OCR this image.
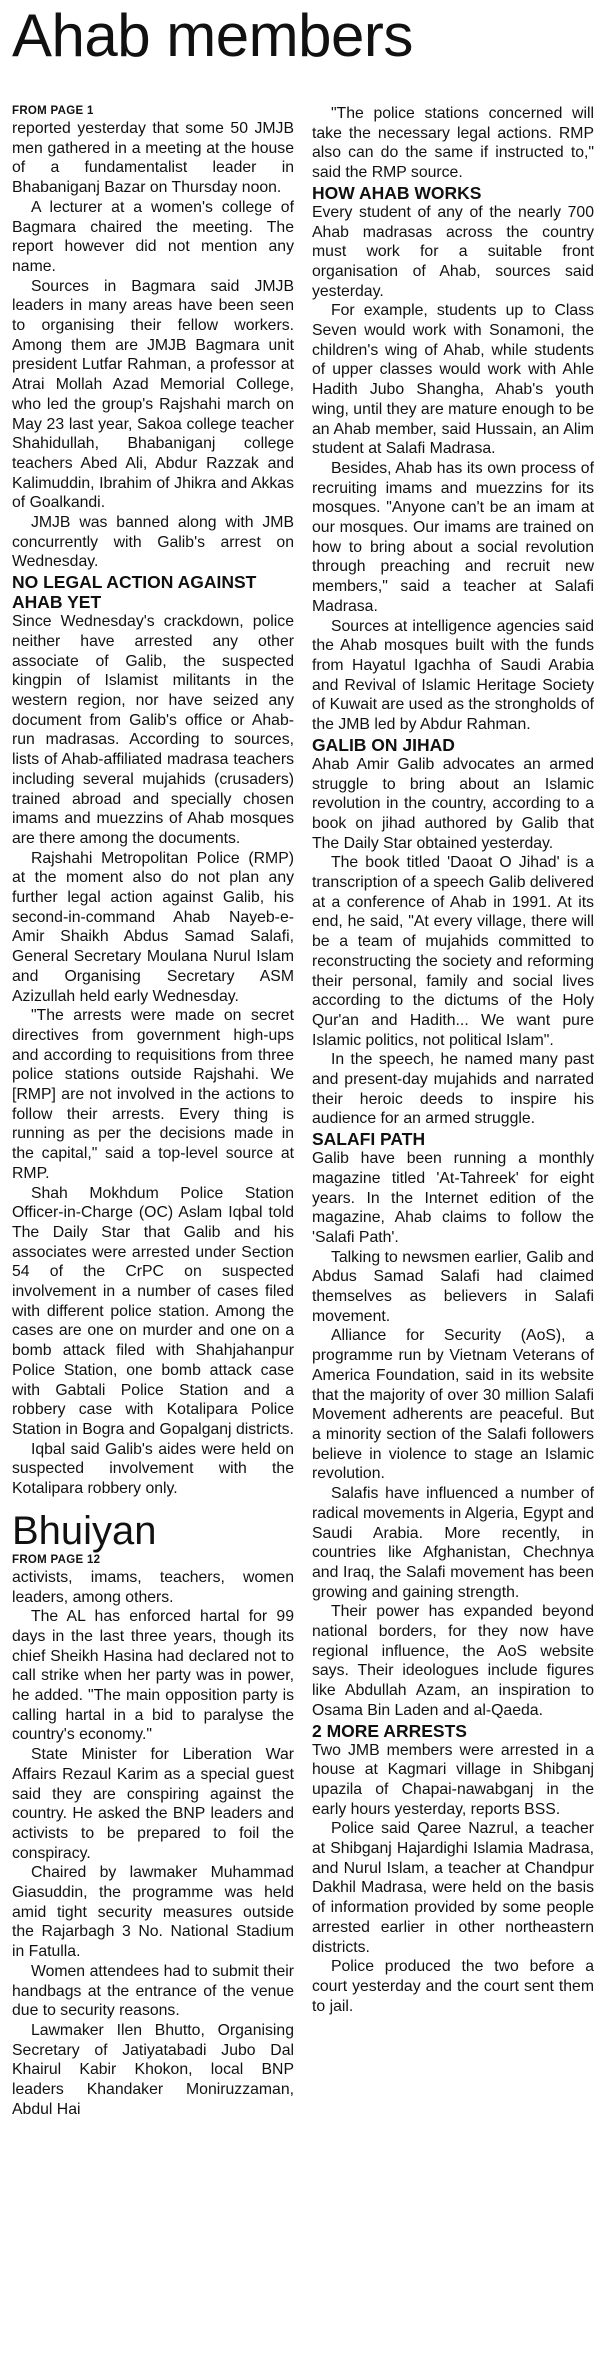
Ahab members
FROM PAGE 1

reported yesterday that some 50 JMJB men gathered in a meeting at the house of a fundamentalist leader in Bhabaniganj Bazar on Thursday noon.

A lecturer at a women's college of Bagmara chaired the meeting. The report however did not mention any name.

Sources in Bagmara said JMJB leaders in many areas have been seen to organising their fellow workers. Among them are JMJB Bagmara unit president Lutfar Rahman, a professor at Atrai Mollah Azad Memorial College, who led the group's Rajshahi march on May 23 last year, Sakoa college teacher Shahidullah, Bhabaniganj college teachers Abed Ali, Abdur Razzak and Kalimuddin, Ibrahim of Jhikra and Akkas of Goalkandi.

JMJB was banned along with JMB concurrently with Galib's arrest on Wednesday.

NO LEGAL ACTION AGAINST AHAB YET

Since Wednesday's crackdown, police neither have arrested any other associate of Galib, the suspected kingpin of Islamist militants in the western region, nor have seized any document from Galib's office or Ahab-run madrasas. According to sources, lists of Ahab-affiliated madrasa teachers including several mujahids (crusaders) trained abroad and specially chosen imams and muezzins of Ahab mosques are there among the documents.

Rajshahi Metropolitan Police (RMP) at the moment also do not plan any further legal action against Galib, his second-in-command Ahab Nayeb-e-Amir Shaikh Abdus Samad Salafi, General Secretary Moulana Nurul Islam and Organising Secretary ASM Azizullah held early Wednesday.

"The arrests were made on secret directives from government high-ups and according to requisitions from three police stations outside Rajshahi. We [RMP] are not involved in the actions to follow their arrests. Every thing is running as per the decisions made in the capital," said a top-level source at RMP.

Shah Mokhdum Police Station Officer-in-Charge (OC) Aslam Iqbal told The Daily Star that Galib and his associates were arrested under Section 54 of the CrPC on suspected involvement in a number of cases filed with different police station. Among the cases are one on murder and one on a bomb attack filed with Shahjahanpur Police Station, one bomb attack case with Gabtali Police Station and a robbery case with Kotalipara Police Station in Bogra and Gopalganj districts.

Iqbal said Galib's aides were held on suspected involvement with the Kotalipara robbery only.

Bhuiyan
FROM PAGE 12

activists, imams, teachers, women leaders, among others.

The AL has enforced hartal for 99 days in the last three years, though its chief Sheikh Hasina had declared not to call strike when her party was in power, he added. "The main opposition party is calling hartal in a bid to paralyse the country's economy."

State Minister for Liberation War Affairs Rezaul Karim as a special guest said they are conspiring against the country. He asked the BNP leaders and activists to be prepared to foil the conspiracy.

Chaired by lawmaker Muhammad Giasuddin, the programme was held amid tight security measures outside the Rajarbagh 3 No. National Stadium in Fatulla.

Women attendees had to submit their handbags at the entrance of the venue due to security reasons.

Lawmaker Ilen Bhutto, Organising Secretary of Jatiyatabadi Jubo Dal Khairul Kabir Khokon, local BNP leaders Khandaker Moniruzzaman, Abdul Hai

"The police stations concerned will take the necessary legal actions. RMP also can do the same if instructed to," said the RMP source.

HOW AHAB WORKS

Every student of any of the nearly 700 Ahab madrasas across the country must work for a suitable front organisation of Ahab, sources said yesterday.

For example, students up to Class Seven would work with Sonamoni, the children's wing of Ahab, while students of upper classes would work with Ahle Hadith Jubo Shangha, Ahab's youth wing, until they are mature enough to be an Ahab member, said Hussain, an Alim student at Salafi Madrasa.

Besides, Ahab has its own process of recruiting imams and muezzins for its mosques. "Anyone can't be an imam at our mosques. Our imams are trained on how to bring about a social revolution through preaching and recruit new members," said a teacher at Salafi Madrasa.

Sources at intelligence agencies said the Ahab mosques built with the funds from Hayatul Igachha of Saudi Arabia and Revival of Islamic Heritage Society of Kuwait are used as the strongholds of the JMB led by Abdur Rahman.

GALIB ON JIHAD

Ahab Amir Galib advocates an armed struggle to bring about an Islamic revolution in the country, according to a book on jihad authored by Galib that The Daily Star obtained yesterday.

The book titled 'Daoat O Jihad' is a transcription of a speech Galib delivered at a conference of Ahab in 1991. At its end, he said, "At every village, there will be a team of mujahids committed to reconstructing the society and reforming their personal, family and social lives according to the dictums of the Holy Qur'an and Hadith... We want pure Islamic politics, not political Islam".

In the speech, he named many past and present-day mujahids and narrated their heroic deeds to inspire his audience for an armed struggle.

SALAFI PATH

Galib have been running a monthly magazine titled 'At-Tahreek' for eight years. In the Internet edition of the magazine, Ahab claims to follow the 'Salafi Path'.

Talking to newsmen earlier, Galib and Abdus Samad Salafi had claimed themselves as believers in Salafi movement.

Alliance for Security (AoS), a programme run by Vietnam Veterans of America Foundation, said in its website that the majority of over 30 million Salafi Movement adherents are peaceful. But a minority section of the Salafi followers believe in violence to stage an Islamic revolution.

Salafis have influenced a number of radical movements in Algeria, Egypt and Saudi Arabia. More recently, in countries like Afghanistan, Chechnya and Iraq, the Salafi movement has been growing and gaining strength.

Their power has expanded beyond national borders, for they now have regional influence, the AoS website says. Their ideologues include figures like Abdullah Azam, an inspiration to Osama Bin Laden and al-Qaeda.

2 MORE ARRESTS

Two JMB members were arrested in a house at Kagmari village in Shibganj upazila of Chapai-nawabganj in the early hours yesterday, reports BSS.

Police said Qaree Nazrul, a teacher at Shibganj Hajardighi Islamia Madrasa, and Nurul Islam, a teacher at Chandpur Dakhil Madrasa, were held on the basis of information provided by some people arrested earlier in other northeastern districts.

Police produced the two before a court yesterday and the court sent them to jail.
